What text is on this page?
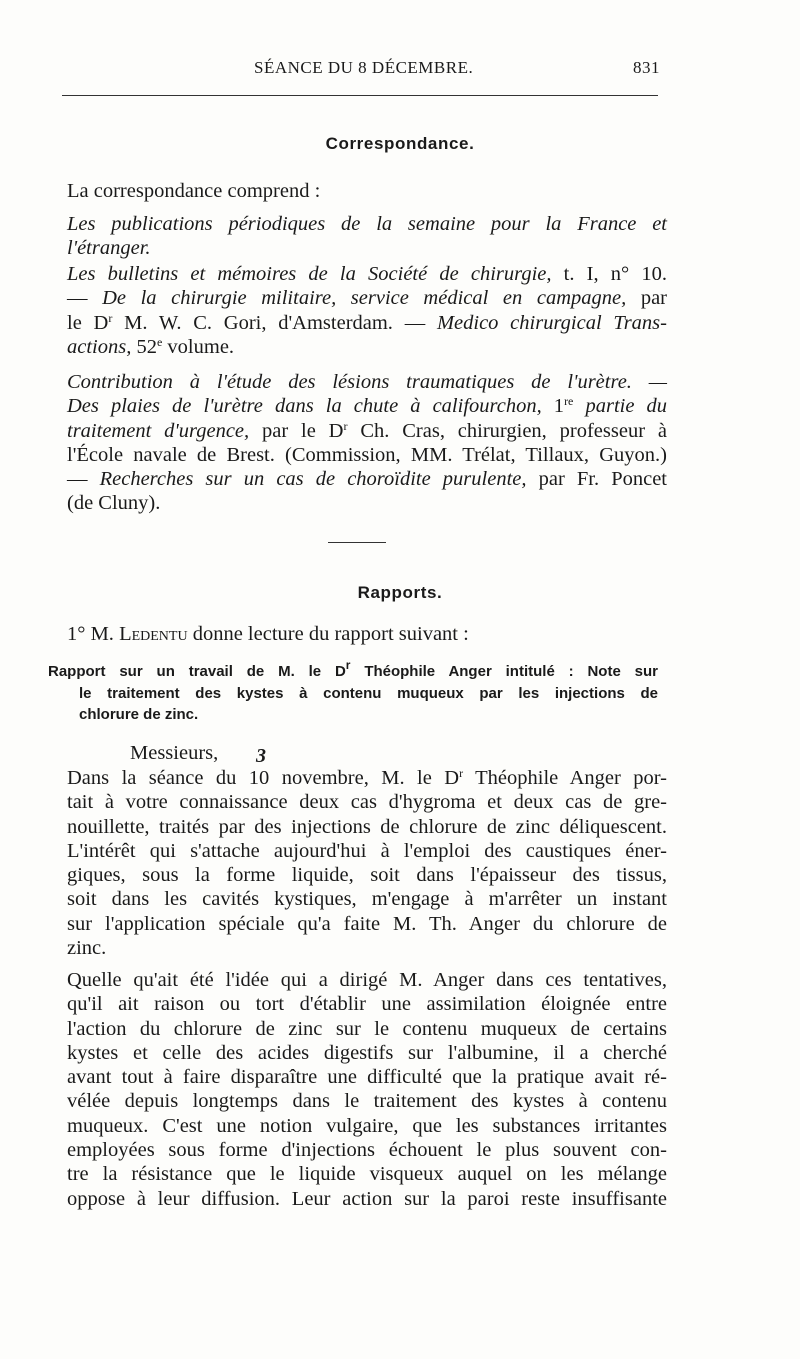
SÉANCE DU 8 DÉCEMBRE.	831
Correspondance.
La correspondance comprend :
Les publications périodiques de la semaine pour la France et
l'étranger.
Les bulletins et mémoires de la Société de chirurgie, t. I, n° 10.
— De la chirurgie militaire, service médical en campagne, par
le $D^r$ M. W. C. Gori, d'Amsterdam. — Medico chirurgical Trans-
actions, 52e volume.
Contribution à l'étude des lésions traumatiques de l'urètre. —
Des plaies de l'urètre dans la chute à califourchon, 1re partie du
traitement d'urgence, par le $D^r$ Ch. Cras, chirurgien, professeur à
l'École navale de Brest. (Commission, MM. Trélat, Tillaux, Guyon.)
— Recherches sur un cas de choroïdite purulente, par Fr. Poncet
(de Cluny).
Rapports.
1° M. Ledentu donne lecture du rapport suivant :
Rapport sur un travail de M. le $D^r$ Théophile Anger intitulé : Note sur
le traitement des kystes à contenu muqueux par les injections de
chlorure de zinc.
Messieurs,	3
Dans la séance du 10 novembre, M. le $D^r$ Théophile Anger por-
tait à votre connaissance deux cas d'hygroma et deux cas de gre-
nouillette, traités par des injections de chlorure de zinc déliquescent.
L'intérêt qui s'attache aujourd'hui à l'emploi des caustiques éner-
giques, sous la forme liquide, soit dans l'épaisseur des tissus,
soit dans les cavités kystiques, m'engage à m'arrêter un instant
sur l'application spéciale qu'a faite M. Th. Anger du chlorure de
zinc.
Quelle qu'ait été l'idée qui a dirigé M. Anger dans ces tentatives,
qu'il ait raison ou tort d'établir une assimilation éloignée entre
l'action du chlorure de zinc sur le contenu muqueux de certains
kystes et celle des acides digestifs sur l'albumine, il a cherché
avant tout à faire disparaître une difficulté que la pratique avait ré-
vélée depuis longtemps dans le traitement des kystes à contenu
muqueux. C'est une notion vulgaire, que les substances irritantes
employées sous forme d'injections échouent le plus souvent con-
tre la résistance que le liquide visqueux auquel on les mélange
oppose à leur diffusion. Leur action sur la paroi reste insuffisante
